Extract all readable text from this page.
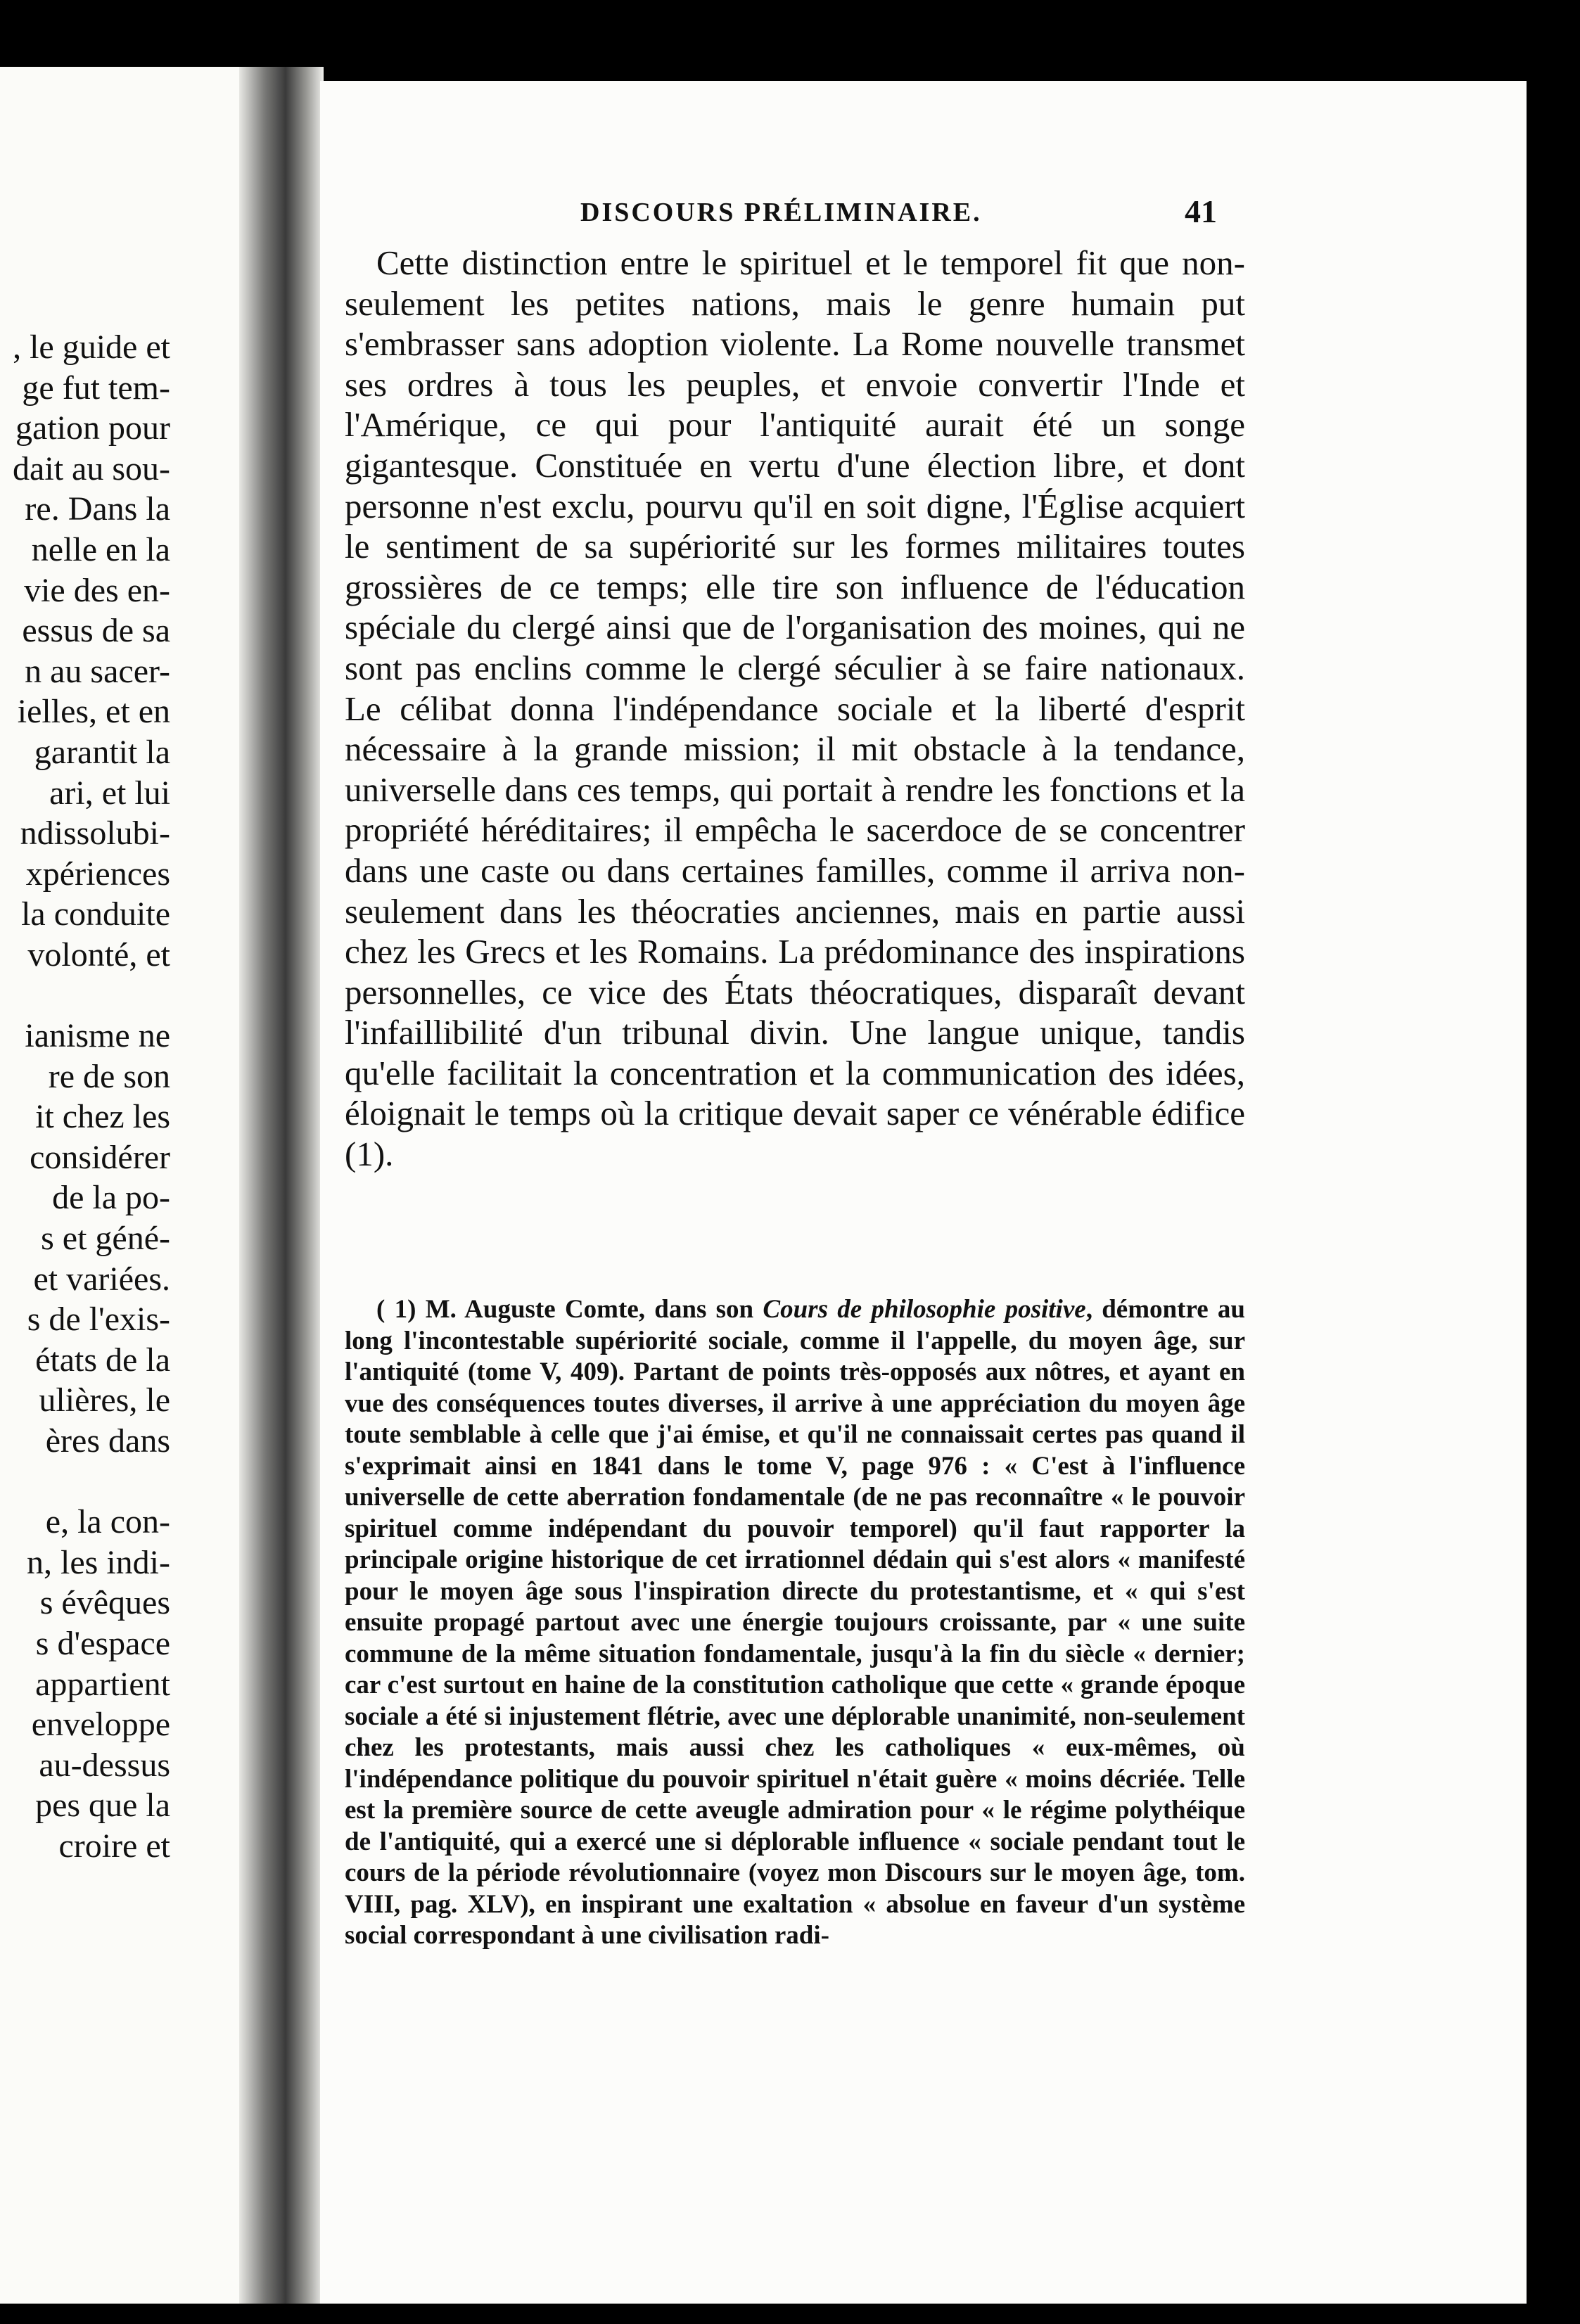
, le guide et
ge fut tem-
gation pour
dait au sou-
re. Dans la
nelle en la
vie des en-
essus de sa
n au sacer-
ielles, et en
garantit la
ari, et lui
ndissolubi-
xpériences
la conduite
volonté, et
ianisme ne
re de son
it chez les
considérer
de la po-
s et géné-
et variées.
s de l'exis-
états de la
ulières, le
ères dans
e, la con-
n, les indi-
s évêques
s d'espace
appartient
enveloppe
au-dessus
pes que la
croire et
DISCOURS PRÉLIMINAIRE.	41

Cette distinction entre le spirituel et le temporel fit que non-seulement les petites nations, mais le genre humain put s'embrasser sans adoption violente. La Rome nouvelle transmet ses ordres à tous les peuples, et envoie convertir l'Inde et l'Amérique, ce qui pour l'antiquité aurait été un songe gigantesque. Constituée en vertu d'une élection libre, et dont personne n'est exclu, pourvu qu'il en soit digne, l'Église acquiert le sentiment de sa supériorité sur les formes militaires toutes grossières de ce temps; elle tire son influence de l'éducation spéciale du clergé ainsi que de l'organisation des moines, qui ne sont pas enclins comme le clergé séculier à se faire nationaux. Le célibat donna l'indépendance sociale et la liberté d'esprit nécessaire à la grande mission; il mit obstacle à la tendance, universelle dans ces temps, qui portait à rendre les fonctions et la propriété héréditaires; il empêcha le sacerdoce de se concentrer dans une caste ou dans certaines familles, comme il arriva non-seulement dans les théocraties anciennes, mais en partie aussi chez les Grecs et les Romains. La prédominance des inspirations personnelles, ce vice des États théocratiques, disparaît devant l'infaillibilité d'un tribunal divin. Une langue unique, tandis qu'elle facilitait la concentration et la communication des idées, éloignait le temps où la critique devait saper ce vénérable édifice (1).

( 1) M. Auguste Comte, dans son Cours de philosophie positive, démontre au long l'incontestable supériorité sociale, comme il l'appelle, du moyen âge, sur l'antiquité (tome V, 409). Partant de points très-opposés aux nôtres, et ayant en vue des conséquences toutes diverses, il arrive à une appréciation du moyen âge toute semblable à celle que j'ai émise, et qu'il ne connaissait certes pas quand il s'exprimait ainsi en 1841 dans le tome V, page 976 : « C'est à l'influence universelle de cette aberration fondamentale (de ne pas reconnaître « le pouvoir spirituel comme indépendant du pouvoir temporel) qu'il faut rapporter la principale origine historique de cet irrationnel dédain qui s'est alors « manifesté pour le moyen âge sous l'inspiration directe du protestantisme, et « qui s'est ensuite propagé partout avec une énergie toujours croissante, par « une suite commune de la même situation fondamentale, jusqu'à la fin du siècle « dernier; car c'est surtout en haine de la constitution catholique que cette « grande époque sociale a été si injustement flétrie, avec une déplorable unanimité, non-seulement chez les protestants, mais aussi chez les catholiques « eux-mêmes, où l'indépendance politique du pouvoir spirituel n'était guère « moins décriée. Telle est la première source de cette aveugle admiration pour « le régime polythéique de l'antiquité, qui a exercé une si déplorable influence « sociale pendant tout le cours de la période révolutionnaire (voyez mon Discours sur le moyen âge, tom. VIII, pag. XLV), en inspirant une exaltation « absolue en faveur d'un système social correspondant à une civilisation radi-
